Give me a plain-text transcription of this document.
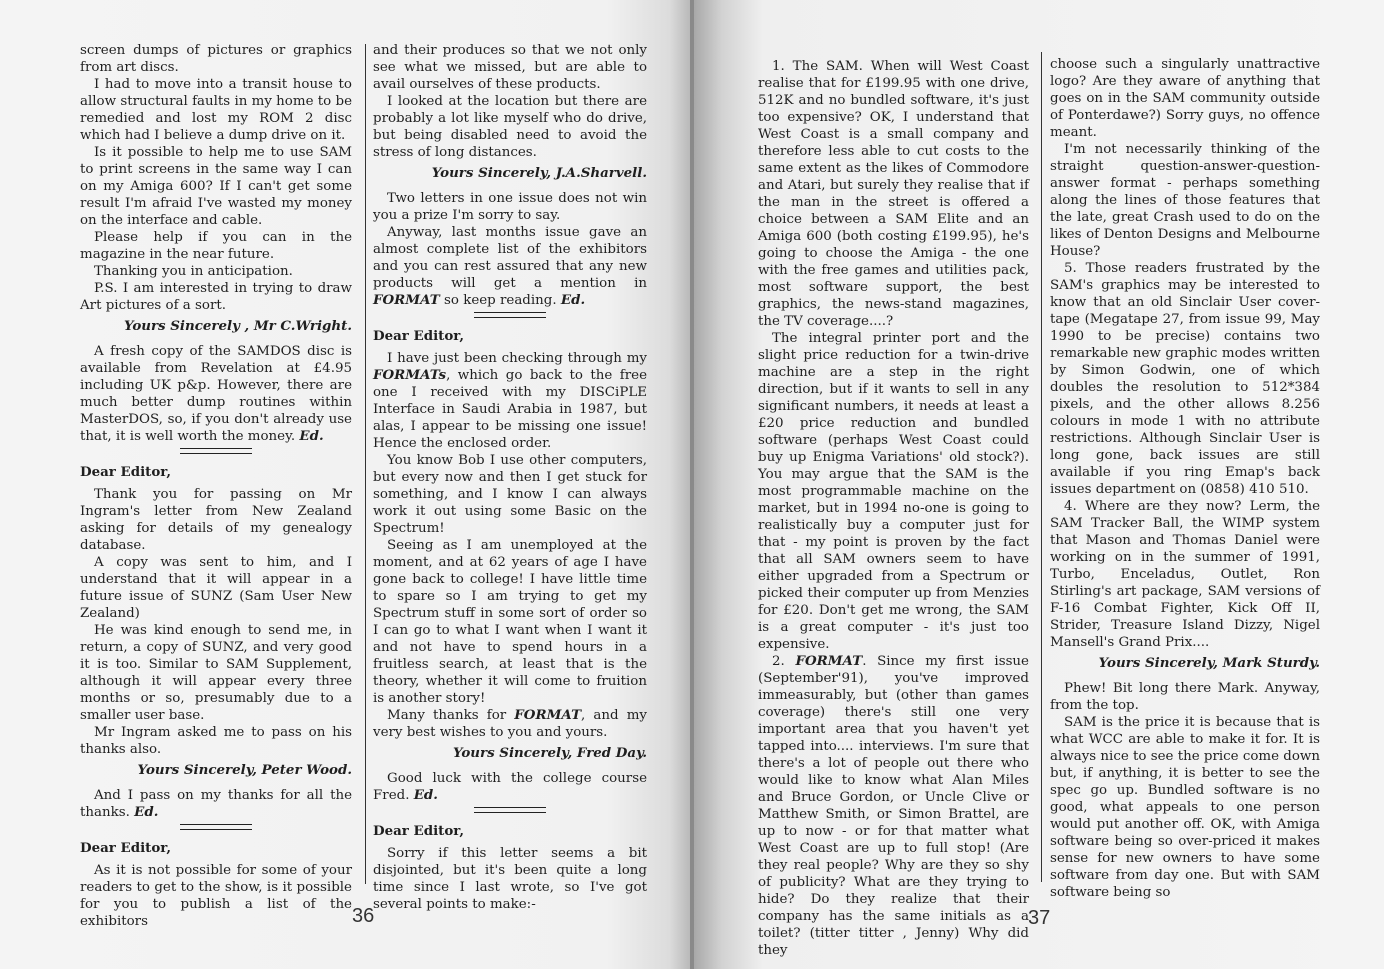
screen dumps of pictures or graphics from art discs.

I had to move into a transit house to allow structural faults in my home to be remedied and lost my ROM 2 disc which had I believe a dump drive on it.

Is it possible to help me to use SAM to print screens in the same way I can on my Amiga 600? If I can't get some result I'm afraid I've wasted my money on the interface and cable.

Please help if you can in the magazine in the near future.

Thanking you in anticipation.

P.S. I am interested in trying to draw Art pictures of a sort.

Yours Sincerely , Mr C.Wright.

A fresh copy of the SAMDOS disc is available from Revelation at £4.95 including UK p&p. However, there are much better dump routines within MasterDOS, so, if you don't already use that, it is well worth the money. Ed.

Dear Editor,

Thank you for passing on Mr Ingram's letter from New Zealand asking for details of my genealogy database.

A copy was sent to him, and I understand that it will appear in a future issue of SUNZ (Sam User New Zealand)

He was kind enough to send me, in return, a copy of SUNZ, and very good it is too. Similar to SAM Supplement, although it will appear every three months or so, presumably due to a smaller user base.

Mr Ingram asked me to pass on his thanks also.

Yours Sincerely, Peter Wood.

And I pass on my thanks for all the thanks. Ed.

Dear Editor,

As it is not possible for some of your readers to get to the show, is it possible for you to publish a list of the exhibitors

and their produces so that we not only see what we missed, but are able to avail ourselves of these products.

I looked at the location but there are probably a lot like myself who do drive, but being disabled need to avoid the stress of long distances.

Yours Sincerely, J.A.Sharvell.

Two letters in one issue does not win you a prize I'm sorry to say.

Anyway, last months issue gave an almost complete list of the exhibitors and you can rest assured that any new products will get a mention in FORMAT so keep reading. Ed.

Dear Editor,

I have just been checking through my FORMATs, which go back to the free one I received with my DISCiPLE Interface in Saudi Arabia in 1987, but alas, I appear to be missing one issue! Hence the enclosed order.

You know Bob I use other computers, but every now and then I get stuck for something, and I know I can always work it out using some Basic on the Spectrum!

Seeing as I am unemployed at the moment, and at 62 years of age I have gone back to college! I have little time to spare so I am trying to get my Spectrum stuff in some sort of order so I can go to what I want when I want it and not have to spend hours in a fruitless search, at least that is the theory, whether it will come to fruition is another story!

Many thanks for FORMAT, and my very best wishes to you and yours.

Yours Sincerely, Fred Day.

Good luck with the college course Fred. Ed.

Dear Editor,

Sorry if this letter seems a bit disjointed, but it's been quite a long time since I last wrote, so I've got several points to make:-

36

1. The SAM. When will West Coast realise that for £199.95 with one drive, 512K and no bundled software, it's just too expensive? OK, I understand that West Coast is a small company and therefore less able to cut costs to the same extent as the likes of Commodore and Atari, but surely they realise that if the man in the street is offered a choice between a SAM Elite and an Amiga 600 (both costing £199.95), he's going to choose the Amiga - the one with the free games and utilities pack, most software support, the best graphics, the news-stand magazines, the TV coverage....?

The integral printer port and the slight price reduction for a twin-drive machine are a step in the right direction, but if it wants to sell in any significant numbers, it needs at least a £20 price reduction and bundled software (perhaps West Coast could buy up Enigma Variations' old stock?). You may argue that the SAM is the most programmable machine on the market, but in 1994 no-one is going to realistically buy a computer just for that - my point is proven by the fact that all SAM owners seem to have either upgraded from a Spectrum or picked their computer up from Menzies for £20. Don't get me wrong, the SAM is a great computer - it's just too expensive.

2. FORMAT. Since my first issue (September'91), you've improved immeasurably, but (other than games coverage) there's still one very important area that you haven't yet tapped into.... interviews. I'm sure that there's a lot of people out there who would like to know what Alan Miles and Bruce Gordon, or Uncle Clive or Matthew Smith, or Simon Brattel, are up to now - or for that matter what West Coast are up to full stop! (Are they real people? Why are they so shy of publicity? What are they trying to hide? Do they realize that their company has the same initials as a toilet? (titter titter , Jenny) Why did they

choose such a singularly unattractive logo? Are they aware of anything that goes on in the SAM community outside of Ponterdawe?) Sorry guys, no offence meant.

I'm not necessarily thinking of the straight question-answer-question-answer format - perhaps something along the lines of those features that the late, great Crash used to do on the likes of Denton Designs and Melbourne House?

5. Those readers frustrated by the SAM's graphics may be interested to know that an old Sinclair User cover-tape (Megatape 27, from issue 99, May 1990 to be precise) contains two remarkable new graphic modes written by Simon Godwin, one of which doubles the resolution to 512*384 pixels, and the other allows 8.256 colours in mode 1 with no attribute restrictions. Although Sinclair User is long gone, back issues are still available if you ring Emap's back issues department on (0858) 410 510.

4. Where are they now? Lerm, the SAM Tracker Ball, the WIMP system that Mason and Thomas Daniel were working on in the summer of 1991, Turbo, Enceladus, Outlet, Ron Stirling's art package, SAM versions of F-16 Combat Fighter, Kick Off II, Strider, Treasure Island Dizzy, Nigel Mansell's Grand Prix....

Yours Sincerely, Mark Sturdy.

Phew! Bit long there Mark. Anyway, from the top.

SAM is the price it is because that is what WCC are able to make it for. It is always nice to see the price come down but, if anything, it is better to see the spec go up. Bundled software is no good, what appeals to one person would put another off. OK, with Amiga software being so over-priced it makes sense for new owners to have some software from day one. But with SAM software being so

37
